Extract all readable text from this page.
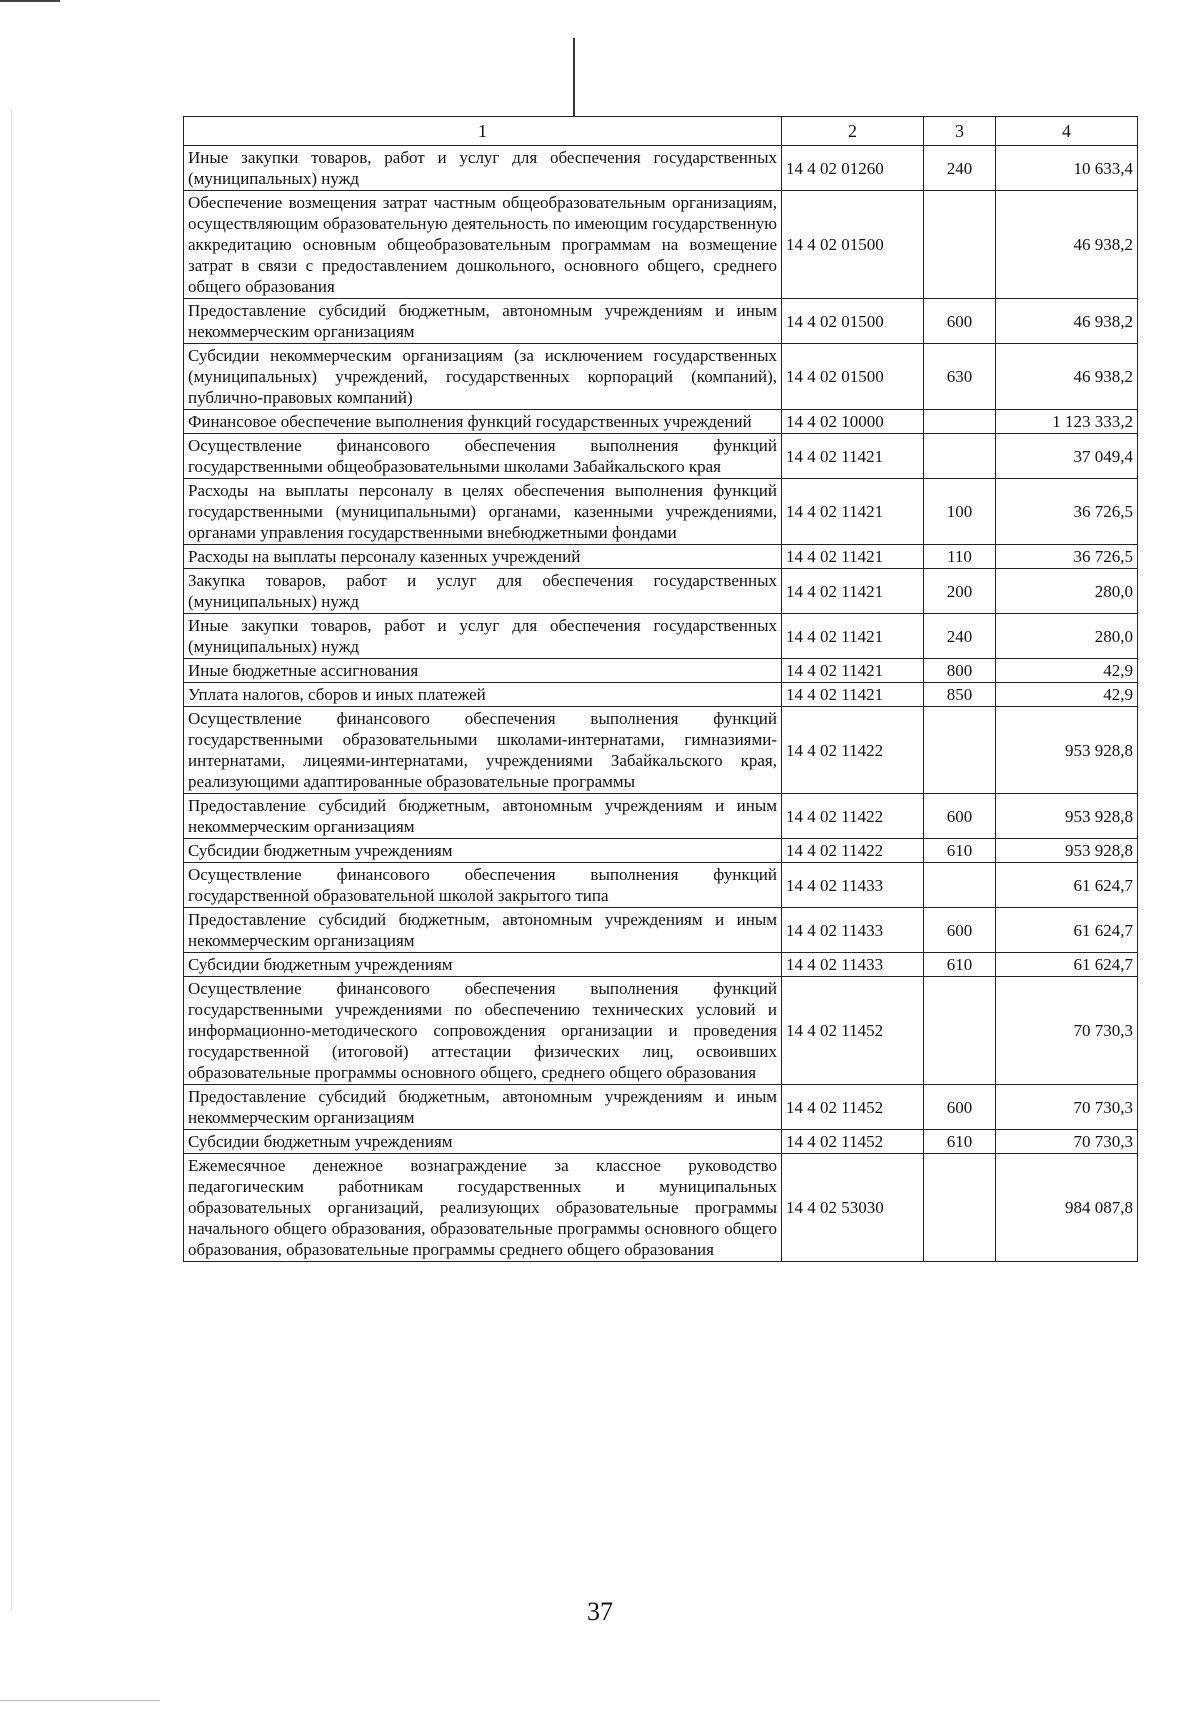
1	2	3	4
Иные закупки товаров, работ и услуг для обеспечения государственных (муниципальных) нужд	14 4 02 01260	240	10 633,4
Обеспечение возмещения затрат частным общеобразовательным организациям, осуществляющим образовательную деятельность по имеющим государственную аккредитацию основным общеобразовательным программам на возмещение затрат в связи с предоставлением дошкольного, основного общего, среднего общего образования	14 4 02 01500		46 938,2
Предоставление субсидий бюджетным, автономным учреждениям и иным некоммерческим организациям	14 4 02 01500	600	46 938,2
Субсидии некоммерческим организациям (за исключением государственных (муниципальных) учреждений, государственных корпораций (компаний), публично-правовых компаний)	14 4 02 01500	630	46 938,2
Финансовое обеспечение выполнения функций государственных учреждений	14 4 02 10000		1 123 333,2
Осуществление финансового обеспечения выполнения функций государственными общеобразовательными школами Забайкальского края	14 4 02 11421		37 049,4
Расходы на выплаты персоналу в целях обеспечения выполнения функций государственными (муниципальными) органами, казенными учреждениями, органами управления государственными внебюджетными фондами	14 4 02 11421	100	36 726,5
Расходы на выплаты персоналу казенных учреждений	14 4 02 11421	110	36 726,5
Закупка товаров, работ и услуг для обеспечения государственных (муниципальных) нужд	14 4 02 11421	200	280,0
Иные закупки товаров, работ и услуг для обеспечения государственных (муниципальных) нужд	14 4 02 11421	240	280,0
Иные бюджетные ассигнования	14 4 02 11421	800	42,9
Уплата налогов, сборов и иных платежей	14 4 02 11421	850	42,9
Осуществление финансового обеспечения выполнения функций государственными образовательными школами-интернатами, гимназиями-интернатами, лицеями-интернатами, учреждениями Забайкальского края, реализующими адаптированные образовательные программы	14 4 02 11422		953 928,8
Предоставление субсидий бюджетным, автономным учреждениям и иным некоммерческим организациям	14 4 02 11422	600	953 928,8
Субсидии бюджетным учреждениям	14 4 02 11422	610	953 928,8
Осуществление финансового обеспечения выполнения функций государственной образовательной школой закрытого типа	14 4 02 11433		61 624,7
Предоставление субсидий бюджетным, автономным учреждениям и иным некоммерческим организациям	14 4 02 11433	600	61 624,7
Субсидии бюджетным учреждениям	14 4 02 11433	610	61 624,7
Осуществление финансового обеспечения выполнения функций государственными учреждениями по обеспечению технических условий и информационно-методического сопровождения организации и проведения государственной (итоговой) аттестации физических лиц, освоивших образовательные программы основного общего, среднего общего образования	14 4 02 11452		70 730,3
Предоставление субсидий бюджетным, автономным учреждениям и иным некоммерческим организациям	14 4 02 11452	600	70 730,3
Субсидии бюджетным учреждениям	14 4 02 11452	610	70 730,3
Ежемесячное денежное вознаграждение за классное руководство педагогическим работникам государственных и муниципальных образовательных организаций, реализующих образовательные программы начального общего образования, образовательные программы основного общего образования, образовательные программы среднего общего образования	14 4 02 53030		984 087,8
37
